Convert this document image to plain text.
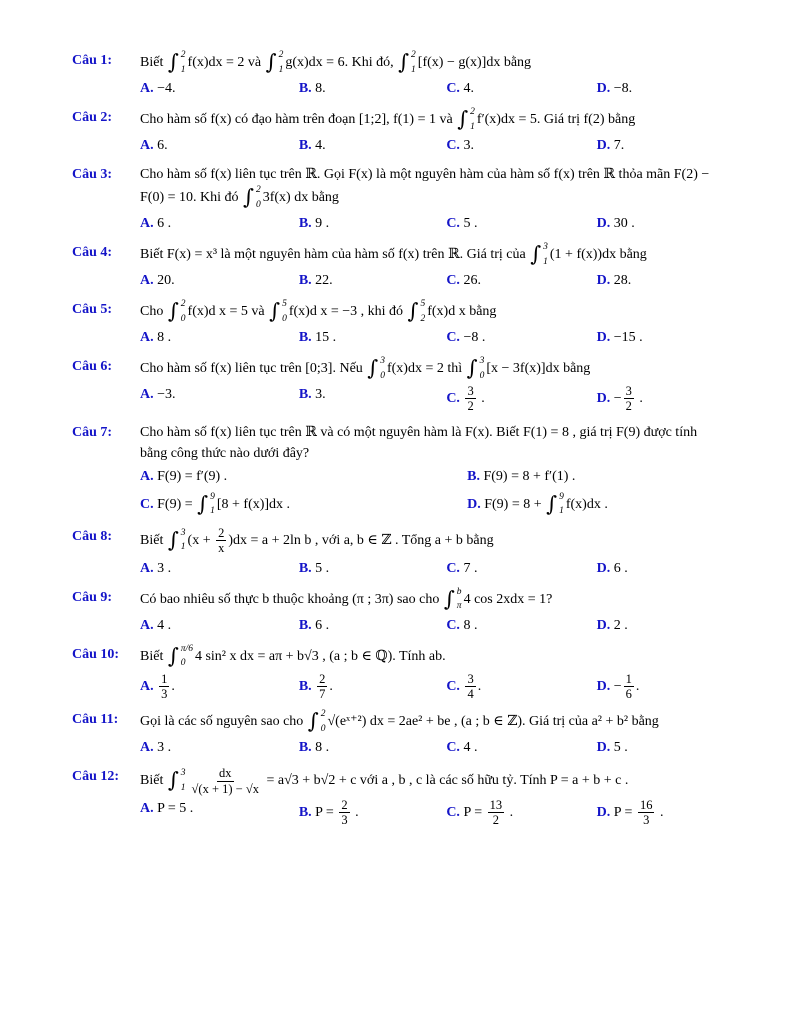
Câu 1:	Biết ∫ 2
1 f(x)dx = 2 và ∫ 2
1 g(x)dx = 6. Khi đó, ∫ 2
1 [f(x) − g(x)]dx bằng
A. −4.	B. 8.	C. 4.	D. −8.
Câu 2:	Cho hàm số f(x) có đạo hàm trên đoạn [1;2], f(1) = 1 và ∫ 2
1 f′(x)dx = 5. Giá trị f(2) bằng
A. 6.	B. 4.	C. 3.	D. 7.
Câu 3:	Cho hàm số f(x) liên tục trên ℝ. Gọi F(x) là một nguyên hàm của hàm số f(x) trên ℝ thỏa mãn F(2) − F(0) = 10. Khi đó ∫ 2
0 3f(x) dx bằng
A. 6 .	B. 9 .	C. 5 .	D. 30 .
Câu 4:	Biết F(x) = x³ là một nguyên hàm của hàm số f(x) trên ℝ. Giá trị của ∫ 3
1 (1 + f(x))dx bằng
A. 20.	B. 22.	C. 26.	D. 28.
Câu 5:	Cho ∫ 2
0 f(x)d x = 5 và ∫ 5
0 f(x)d x = −3 , khi đó ∫ 5
2 f(x)d x bằng
A. 8 .	B. 15 .	C. −8 .	D. −15 .
Câu 6:	Cho hàm số f(x) liên tục trên [0;3]. Nếu ∫ 3
0 f(x)dx = 2 thì ∫ 3
0 [x − 3f(x)]dx bằng
A. −3.	B. 3.	C. $\frac{3}{2}$ .	D. − $\frac{3}{2}$ .
Câu 7:	Cho hàm số f(x) liên tục trên ℝ và có một nguyên hàm là F(x). Biết F(1) = 8 , giá trị F(9) được tính bằng công thức nào dưới đây?
A. F(9) = f′(9) .	B. F(9) = 8 + f′(1) .
C. F(9) = ∫ 9
1 [8 + f(x)]dx .	D. F(9) = 8 + ∫ 9
1 f(x)dx .
Câu 8:	Biết ∫ 3
1 $(x + \frac{2}{x} )dx = a + 2\ln$ b , với a, b ∈ ℤ . Tổng a + b bằng
A. 3 .	B. 5 .	C. 7 .	D. 6 .
Câu 9:	Có bao nhiêu số thực b thuộc khoảng (π ; 3π) sao cho ∫ b
π 4 cos 2xdx = 1?
A. 4 .	B. 6 .	C. 8 .	D. 2 .
Câu 10:	Biết ∫ π/6
0 4 sin² x dx = aπ + b√3 , (a ; b ∈ ℚ). Tính ab.
A. $\frac{1}{3}$ .	B. $\frac{2}{7}$ .	C. $\frac{3}{4}$ .	D. − $\frac{1}{6}$ .
Câu 11:	Gọi là các số nguyên sao cho ∫ 2
0 √(eˣ⁺²) dx = 2ae² + be , (a ; b ∈ ℤ). Giá trị của a² + b² bằng
A. 3 .	B. 8 .	C. 4 .	D. 5 .
Câu 12:	Biết ∫ 3
$1 \frac{dx}{√(x + 1) - √x} = a√3 + b√2 + c$ với a , b , c là các số hữu tỷ. Tính P = a + b + c .
A. P = 5 .	B. $P = \frac{2}{3}$ .	C. $P = \frac{13}{2}$ .	D. $P = \frac{16}{3}$ .
